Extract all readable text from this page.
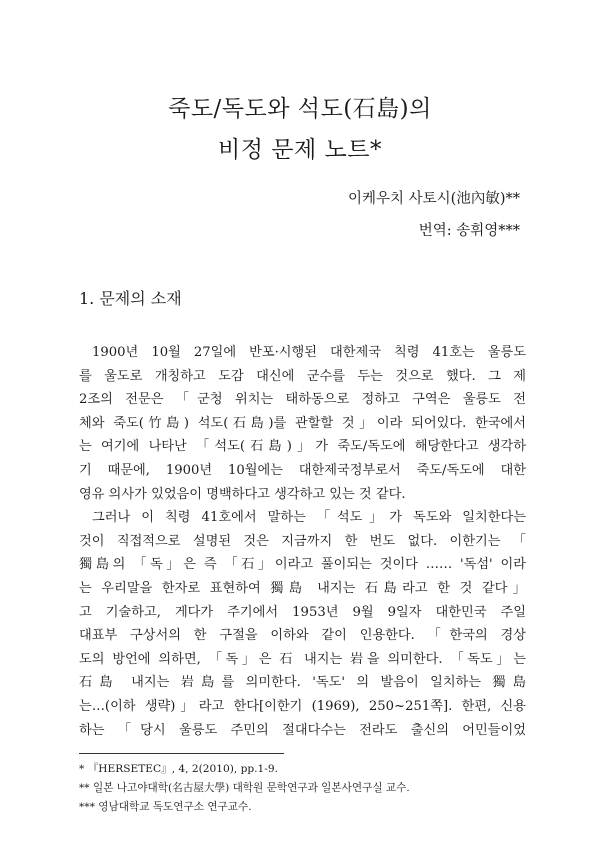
죽도/독도와 석도(石島)의
비정 문제 노트*
이케우치 사토시(池內敏)**
번역: 송휘영***
1. 문제의 소재
1900년 10월 27일에 반포·시행된 대한제국 칙령 41호는 울릉도
를 울도로 개칭하고 도감 대신에 군수를 두는 것으로 했다. 그 제
2조의 전문은 「군청 위치는 태하동으로 정하고 구역은 울릉도 전
체와 죽도(竹島) 석도(石島)를 관할할 것」이라 되어있다. 한국에서
는 여기에 나타난 「석도(石島)」가 죽도/독도에 해당한다고 생각하
기 때문에, 1900년 10월에는 대한제국정부로서 죽도/독도에 대한
영유 의사가 있었음이 명백하다고 생각하고 있는 것 같다.
그러나 이 칙령 41호에서 말하는 「석도」가 독도와 일치한다는
것이 직접적으로 설명된 것은 지금까지 한 번도 없다. 이한기는 「
獨島의 「독」은 즉 「石」이라고 풀이되는 것이다 …… '독섬' 이라
는 우리말을 한자로 표현하여 獨島 내지는 石島라고 한 것 같다」
고 기술하고, 게다가 주기에서 1953년 9월 9일자 대한민국 주일
대표부 구상서의 한 구절을 이하와 같이 인용한다. 「한국의 경상
도의 방언에 의하면, 「독」은 石 내지는 岩을 의미한다. 「독도」는
石島 내지는 岩島를 의미한다. '독도' 의 발음이 일치하는 獨島
는…(이하 생략)」라고 한다[이한기 (1969), 250~251쪽]. 한편, 신용
하는 「당시 울릉도 주민의 절대다수는 전라도 출신의 어민들이었
* 『HERSETEC』, 4, 2(2010), pp.1-9.
** 일본 나고야대학(名古屋大學) 대학원 문학연구과 일본사연구실 교수.
*** 영남대학교 독도연구소 연구교수.
